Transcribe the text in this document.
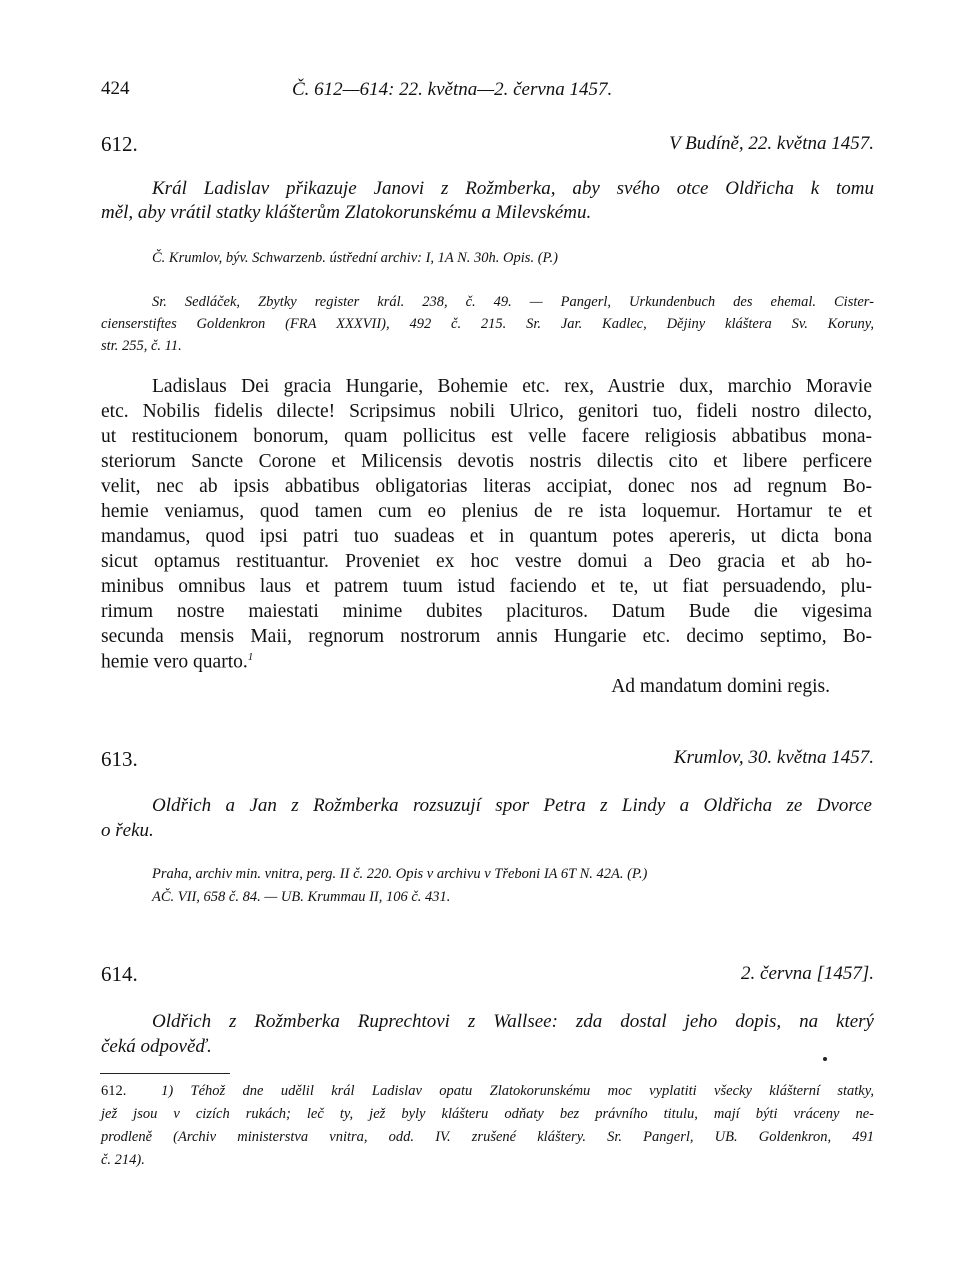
424	Č. 612—614: 22. května—2. června 1457.
612.	V Budíně, 22. května 1457.
Král Ladislav přikazuje Janovi z Rožmberka, aby svého otce Oldřicha k tomu
měl, aby vrátil statky klášterům Zlatokorunskému a Milevskému.
Č. Krumlov, býv. Schwarzenb. ústřední archiv: I, 1A N. 30h. Opis. (P.)
Sr. Sedláček, Zbytky register král. 238, č. 49. — Pangerl, Urkundenbuch des ehemal. Cister-
cienserstiftes Goldenkron (FRA XXXVII), 492 č. 215. Sr. Jar. Kadlec, Dějiny kláštera Sv. Koruny,
str. 255, č. 11.
Ladislaus Dei gracia Hungarie, Bohemie etc. rex, Austrie dux, marchio Moravie
etc. Nobilis fidelis dilecte! Scripsimus nobili Ulrico, genitori tuo, fideli nostro dilecto,
ut restitucionem bonorum, quam pollicitus est velle facere religiosis abbatibus mona-
steriorum Sancte Corone et Milicensis devotis nostris dilectis cito et libere perficere
velit, nec ab ipsis abbatibus obligatorias literas accipiat, donec nos ad regnum Bo-
hemie veniamus, quod tamen cum eo plenius de re ista loquemur. Hortamur te et
mandamus, quod ipsi patri tuo suadeas et in quantum potes apereris, ut dicta bona
sicut optamus restituantur. Proveniet ex hoc vestre domui a Deo gracia et ab ho-
minibus omnibus laus et patrem tuum istud faciendo et te, ut fiat persuadendo, plu-
rimum nostre maiestati minime dubites placituros. Datum Bude die vigesima
secunda mensis Maii, regnorum nostrorum annis Hungarie etc. decimo septimo, Bo-
hemie vero quarto.$^1$
Ad mandatum domini regis.
613.	Krumlov, 30. května 1457.
Oldřich a Jan z Rožmberka rozsuzují spor Petra z Lindy a Oldřicha ze Dvorce
o řeku.
Praha, archiv min. vnitra, perg. II č. 220. Opis v archivu v Třeboni IA 6T N. 42A. (P.)
AČ. VII, 658 č. 84. — UB. Krummau II, 106 č. 431.
614.	2. června [1457].
Oldřich z Rožmberka Ruprechtovi z Wallsee: zda dostal jeho dopis, na který
čeká odpověď.
612. 1) Téhož dne udělil král Ladislav opatu Zlatokorunskému moc vyplatiti všecky klášterní statky,
jež jsou v cizích rukách; leč ty, jež byly klášteru odňaty bez právního titulu, mají býti vráceny ne-
prodleně (Archiv ministerstva vnitra, odd. IV. zrušené kláštery. Sr. Pangerl, UB. Goldenkron, 491
č. 214).
